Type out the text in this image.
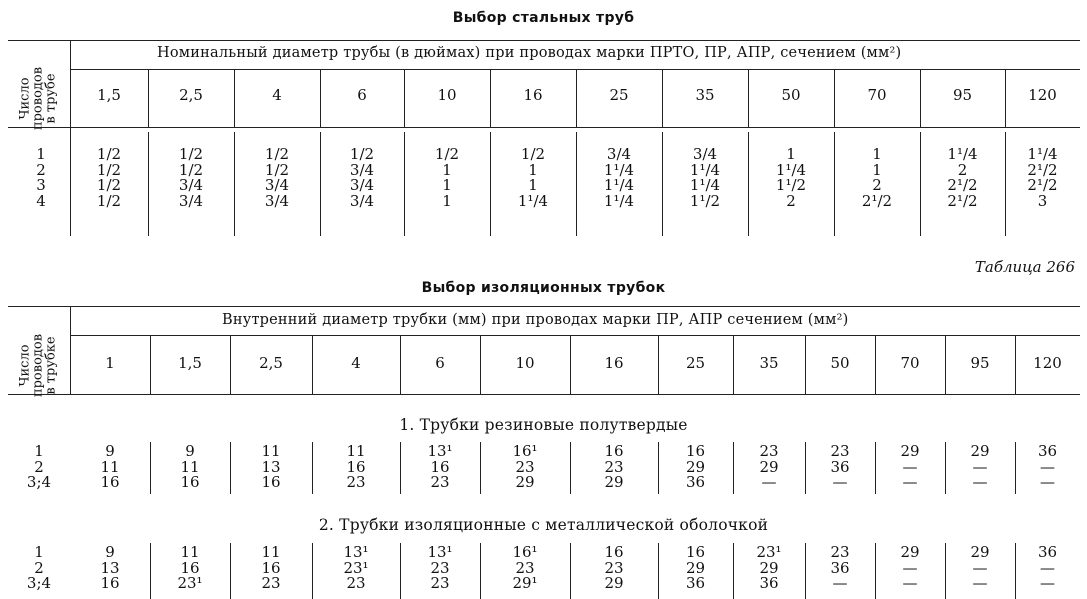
Выбор стальных труб
Число
проводов
в трубе
Номинальный диаметр трубы (в дюймах) при проводах марки ПРТО, ПР, АПР, сечением (мм²)
1,5
1/2
1/2
1/2
1/2
2,5
1/2
1/2
3/4
3/4
4
1/2
1/2
3/4
3/4
6
1/2
3/4
3/4
3/4
10
1/2
1
1
1
16
1/2
1
1
1¹/4
25
3/4
1¹/4
1¹/4
1¹/4
35
3/4
1¹/4
1¹/4
1¹/2
50
1
1¹/4
1¹/2
2
70
1
1
2
2¹/2
95
1¹/4
2
2¹/2
2¹/2
120
1¹/4
2¹/2
2¹/2
3
1
2
3
4
Таблица 266
Выбор изоляционных трубок
Число
проводов
в трубке
Внутренний диаметр трубки (мм) при проводах марки ПР, АПР сечением (мм²)
1. Трубки резиновые полутвердые
2. Трубки изоляционные с металлической оболочкой
1
9
11
16
9
13
16
1,5
9
11
16
11
16
23¹
2,5
11
13
16
11
16
23
4
11
16
23
13¹
23¹
23
6
13¹
16
23
13¹
23
23
10
16¹
23
29
16¹
23
29¹
16
16
23
29
16
23
29
25
16
29
36
16
29
36
35
23
29
—
23¹
29
36
50
23
36
—
23
36
—
70
29
—
—
29
—
—
95
29
—
—
29
—
—
120
36
—
—
36
—
—
1
2
3;4
1
2
3;4
